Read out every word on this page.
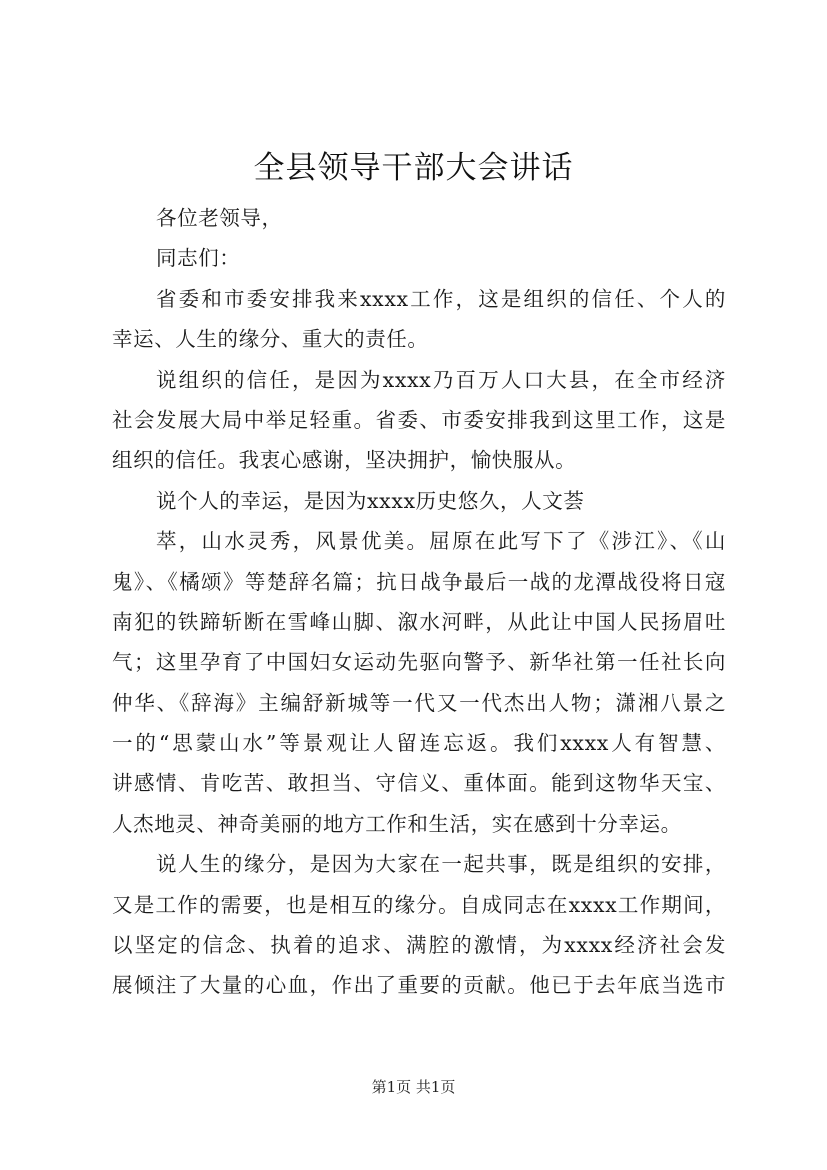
全县领导干部大会讲话
各位老领导，
同志们：
省委和市委安排我来xxxx工作，这是组织的信任、个人的
幸运、人生的缘分、重大的责任。
说组织的信任，是因为xxxx乃百万人口大县，在全市经济
社会发展大局中举足轻重。省委、市委安排我到这里工作，这是
组织的信任。我衷心感谢，坚决拥护，愉快服从。
说个人的幸运，是因为xxxx历史悠久，人文荟
萃，山水灵秀，风景优美。屈原在此写下了《涉江》、《山
鬼》、《橘颂》等楚辞名篇；抗日战争最后一战的龙潭战役将日寇
南犯的铁蹄斩断在雪峰山脚、溆水河畔，从此让中国人民扬眉吐
气；这里孕育了中国妇女运动先驱向警予、新华社第一任社长向
仲华、《辞海》主编舒新城等一代又一代杰出人物；潇湘八景之
一的“思蒙山水”等景观让人留连忘返。我们xxxx人有智慧、
讲感情、肯吃苦、敢担当、守信义、重体面。能到这物华天宝、
人杰地灵、神奇美丽的地方工作和生活，实在感到十分幸运。
说人生的缘分，是因为大家在一起共事，既是组织的安排，
又是工作的需要，也是相互的缘分。自成同志在xxxx工作期间，
以坚定的信念、执着的追求、满腔的激情，为xxxx经济社会发
展倾注了大量的心血，作出了重要的贡献。他已于去年底当选市
第1页 共1页
